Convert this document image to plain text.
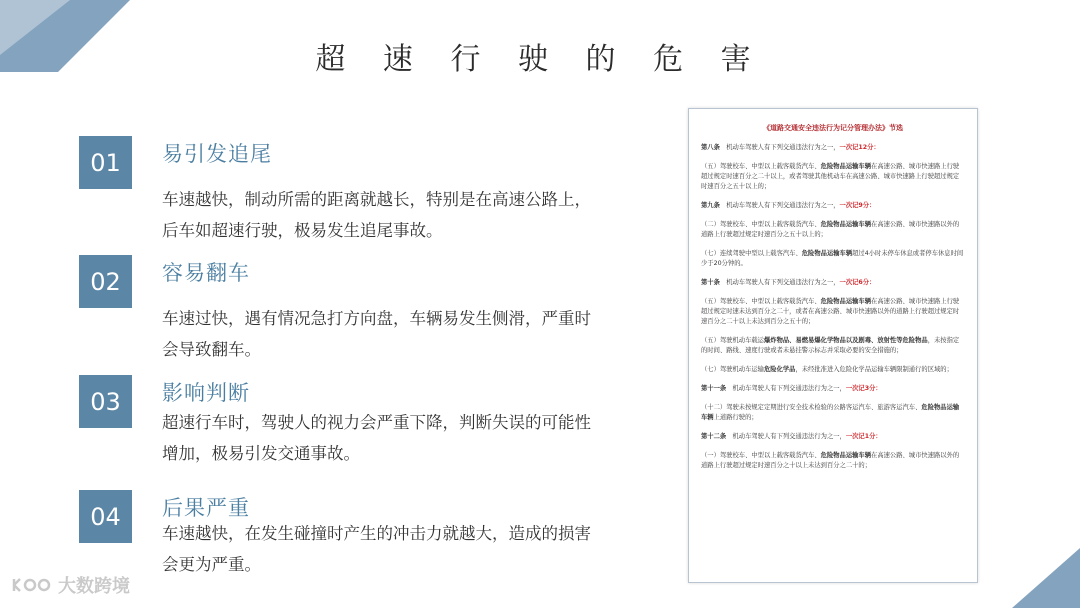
超 速 行 驶 的 危 害
01	易引发追尾
车速越快，制动所需的距离就越长，特别是在高速公路上，后车如超速行驶，极易发生追尾事故。
02	容易翻车
车速过快，遇有情况急打方向盘，车辆易发生侧滑，严重时会导致翻车。
03	影响判断
超速行车时，驾驶人的视力会严重下降，判断失误的可能性增加，极易引发交通事故。
04	后果严重
车速越快，在发生碰撞时产生的冲击力就越大，造成的损害会更为严重。
《道路交通安全违法行为记分管理办法》节选

第八条　 机动车驾驶人有下列交通违法行为之一，一次记12分：

（五）驾驶校车、中型以上载客载货汽车、危险物品运输车辆在高速公路、城市快速路上行驶超过规定时速百分之二十以上，或者驾驶其他机动车在高速公路、城市快速路上行驶超过规定时速百分之五十以上的；

第九条　 机动车驾驶人有下列交通违法行为之一，一次记9分：

（二）驾驶校车、中型以上载客载货汽车、危险物品运输车辆在高速公路、城市快速路以外的道路上行驶超过规定时速百分之五十以上的；

（七）连续驾驶中型以上载客汽车、危险物品运输车辆超过4小时未停车休息或者停车休息时间少于20分钟的。

第十条　 机动车驾驶人有下列交通违法行为之一，一次记6分：

（五）驾驶校车、中型以上载客载货汽车、危险物品运输车辆在高速公路、城市快速路上行驶超过规定时速未达到百分之二十，或者在高速公路、城市快速路以外的道路上行驶超过规定时速百分之二十以上未达到百分之五十的；

（五）驾驶机动车载运爆炸物品、易燃易爆化学物品以及剧毒、放射性等危险物品，未按指定的时间、路线、速度行驶或者未悬挂警示标志并采取必要的安全措施的；

（七）驾驶机动车运输危险化学品，未经批准进入危险化学品运输车辆限制通行的区域的；

第十一条　 机动车驾驶人有下列交通违法行为之一，一次记3分：

（十二）驾驶未按规定定期进行安全技术检验的公路客运汽车、旅游客运汽车、危险物品运输车辆上道路行驶的；

第十二条　 机动车驾驶人有下列交通违法行为之一，一次记1分：

（一）驾驶校车、中型以上载客载货汽车、危险物品运输车辆在高速公路、城市快速路以外的道路上行驶超过规定时速百分之十以上未达到百分之二十的；

大数跨境
